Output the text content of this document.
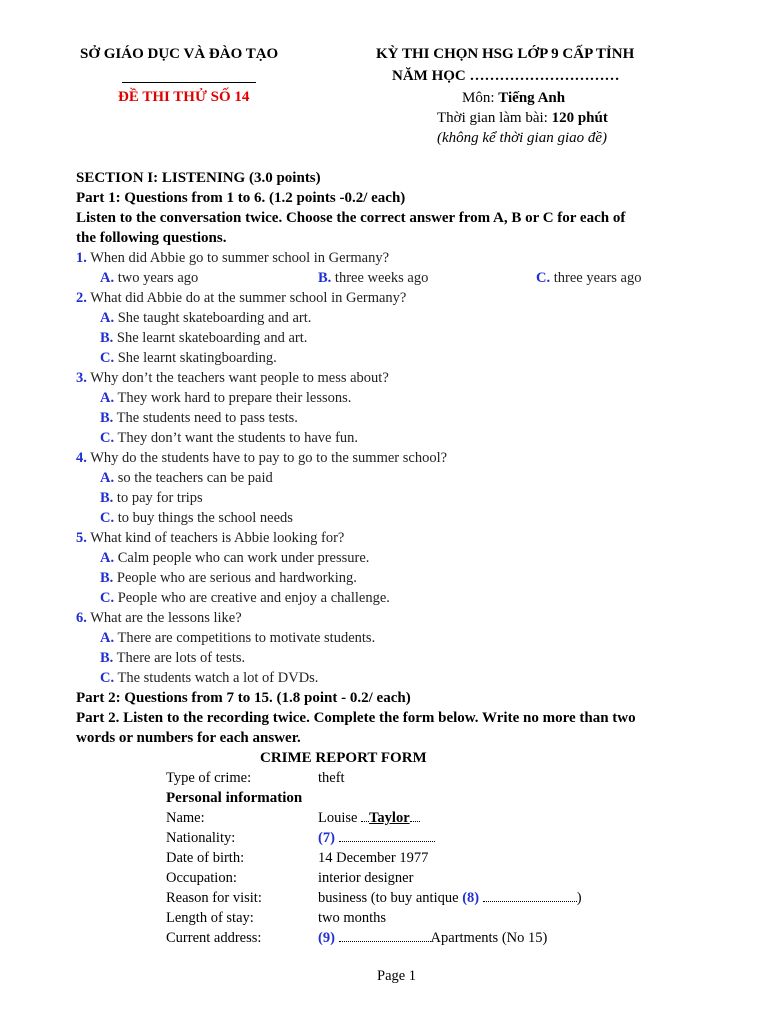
SỞ GIÁO DỤC VÀ ĐÀO TẠO
ĐỀ THI THỬ SỐ 14
KỲ THI CHỌN HSG LỚP 9 CẤP TỈNH
NĂM HỌC …………………………
Môn: Tiếng Anh
Thời gian làm bài: 120 phút
(không kể thời gian giao đề)
SECTION I: LISTENING (3.0 points)
Part 1: Questions from 1 to 6. (1.2 points -0.2/ each)
Listen to the conversation twice. Choose the correct answer from A, B or C for each of
the following questions.
1. When did Abbie go to summer school in Germany?
A. two years ago	B. three weeks ago	C. three years ago
2. What did Abbie do at the summer school in Germany?
A. She taught skateboarding and art.
B. She learnt skateboarding and art.
C. She learnt skatingboarding.
3. Why don’t the teachers want people to mess about?
A. They work hard to prepare their lessons.
B. The students need to pass tests.
C. They don’t want the students to have fun.
4. Why do the students have to pay to go to the summer school?
A. so the teachers can be paid
B. to pay for trips
C. to buy things the school needs
5. What kind of teachers is Abbie looking for?
A. Calm people who can work under pressure.
B. People who are serious and hardworking.
C. People who are creative and enjoy a challenge.
6. What are the lessons like?
A. There are competitions to motivate students.
B. There are lots of tests.
C. The students watch a lot of DVDs.
Part 2: Questions from 7 to 15. (1.8 point - 0.2/ each)
Part 2. Listen to the recording twice. Complete the form below. Write no more than two
words or numbers for each answer.
CRIME REPORT FORM
Type of crime:	theft
Personal information
Name:	Louise Taylor
Nationality:	(7)
Date of birth:	14 December 1977
Occupation:	interior designer
Reason for visit:	business (to buy antique (8)	)
Length of stay:	two months
Current address:	(9)	Apartments (No 15)
Page 1
